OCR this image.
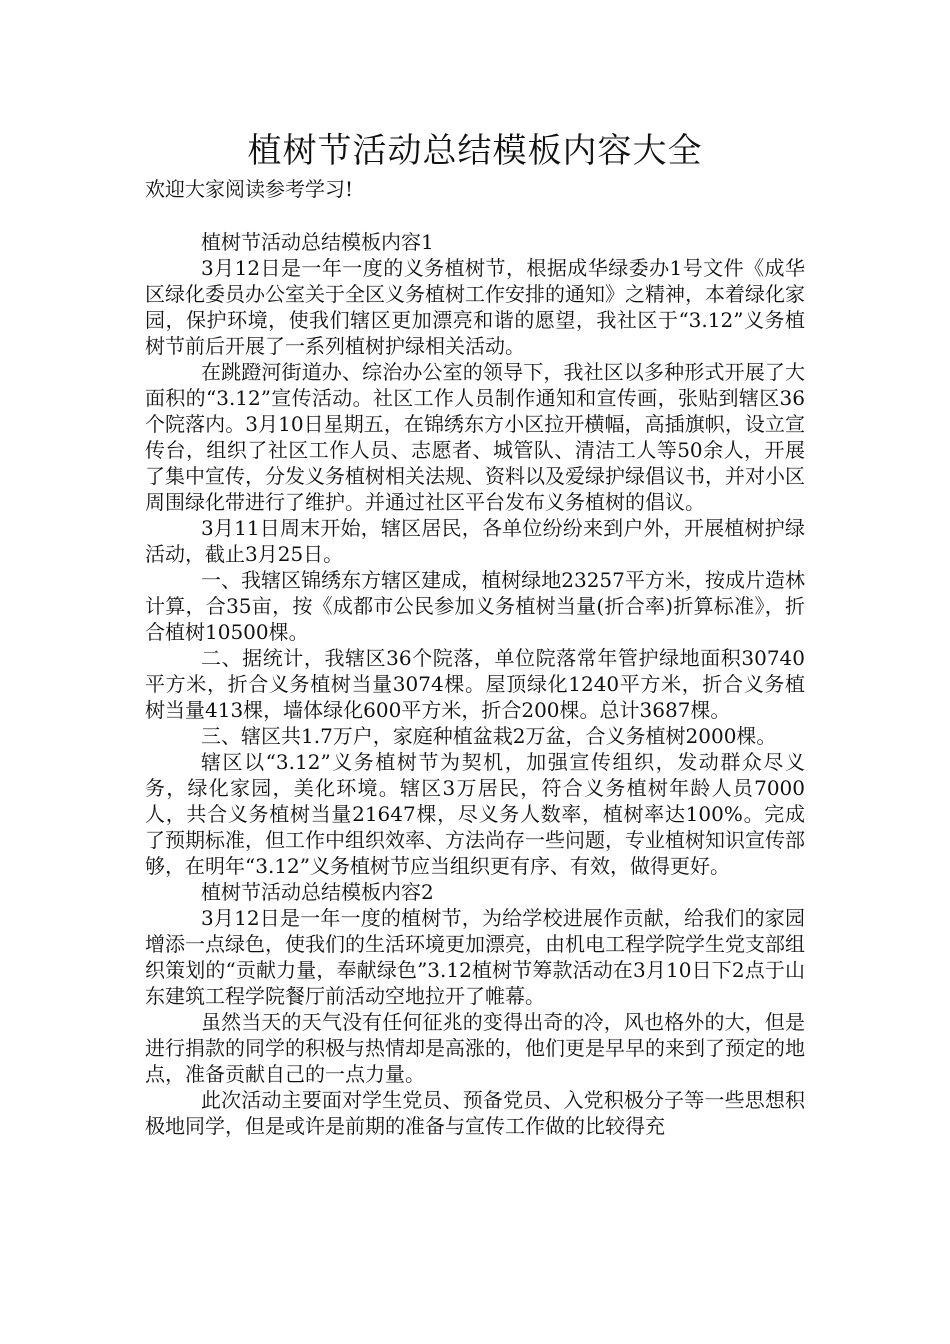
植树节活动总结模板内容大全

欢迎大家阅读参考学习!

植树节活动总结模板内容1

3月12日是一年一度的义务植树节，根据成华绿委办1号文件《成华区绿化委员办公室关于全区义务植树工作安排的通知》之精神，本着绿化家园，保护环境，使我们辖区更加漂亮和谐的愿望，我社区于“3.12”义务植树节前后开展了一系列植树护绿相关活动。

在跳蹬河街道办、综治办公室的领导下，我社区以多种形式开展了大面积的“3.12”宣传活动。社区工作人员制作通知和宣传画，张贴到辖区36个院落内。3月10日星期五，在锦绣东方小区拉开横幅，高插旗帜，设立宣传台，组织了社区工作人员、志愿者、城管队、清洁工人等50余人，开展了集中宣传，分发义务植树相关法规、资料以及爱绿护绿倡议书，并对小区周围绿化带进行了维护。并通过社区平台发布义务植树的倡议。

3月11日周末开始，辖区居民，各单位纷纷来到户外，开展植树护绿活动，截止3月25日。

一、我辖区锦绣东方辖区建成，植树绿地23257平方米，按成片造林计算，合35亩，按《成都市公民参加义务植树当量(折合率)折算标准》，折合植树10500棵。

二、据统计，我辖区36个院落，单位院落常年管护绿地面积30740平方米，折合义务植树当量3074棵。屋顶绿化1240平方米，折合义务植树当量413棵，墙体绿化600平方米，折合200棵。总计3687棵。

三、辖区共1.7万户，家庭种植盆栽2万盆，合义务植树2000棵。

辖区以“3.12”义务植树节为契机，加强宣传组织，发动群众尽义务，绿化家园，美化环境。辖区3万居民，符合义务植树年龄人员7000人，共合义务植树当量21647棵，尽义务人数率，植树率达100%。完成了预期标准，但工作中组织效率、方法尚存一些问题，专业植树知识宣传部够，在明年“3.12”义务植树节应当组织更有序、有效，做得更好。

植树节活动总结模板内容2

3月12日是一年一度的植树节，为给学校进展作贡献，给我们的家园增添一点绿色，使我们的生活环境更加漂亮，由机电工程学院学生党支部组织策划的“贡献力量，奉献绿色”3.12植树节筹款活动在3月10日下2点于山东建筑工程学院餐厅前活动空地拉开了帷幕。

虽然当天的天气没有任何征兆的变得出奇的冷，风也格外的大，但是进行捐款的同学的积极与热情却是高涨的，他们更是早早的来到了预定的地点，准备贡献自己的一点力量。

此次活动主要面对学生党员、预备党员、入党积极分子等一些思想积极地同学，但是或许是前期的准备与宣传工作做的比较得充
